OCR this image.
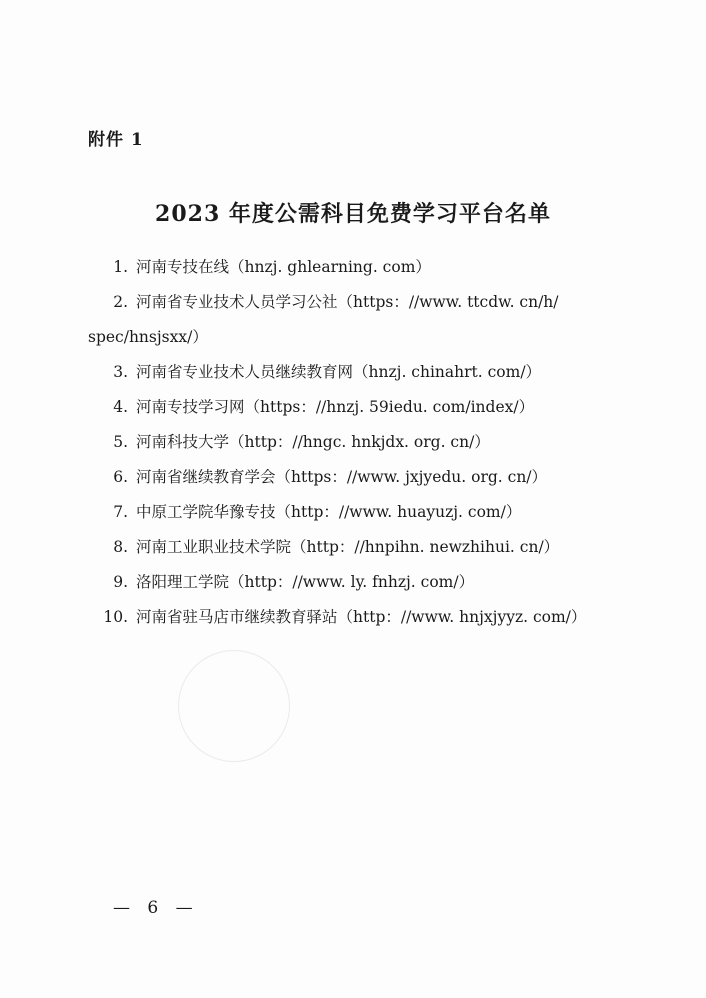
附件 1
2023 年度公需科目免费学习平台名单
1. 河南专技在线（hnzj. ghlearning. com）
2. 河南省专业技术人员学习公社（https：//www. ttcdw. cn/h/
spec/hnsjsxx/）
3. 河南省专业技术人员继续教育网（hnzj. chinahrt. com/）
4. 河南专技学习网（https：//hnzj. 59iedu. com/index/）
5. 河南科技大学（http：//hngc. hnkjdx. org. cn/）
6. 河南省继续教育学会（https：//www. jxjyedu. org. cn/）
7. 中原工学院华豫专技（http：//www. huayuzj. com/）
8. 河南工业职业技术学院（http：//hnpihn. newzhihui. cn/）
9. 洛阳理工学院（http：//www. ly. fnhzj. com/）
10. 河南省驻马店市继续教育驿站（http：//www. hnjxjyyz. com/）
— 6 —
